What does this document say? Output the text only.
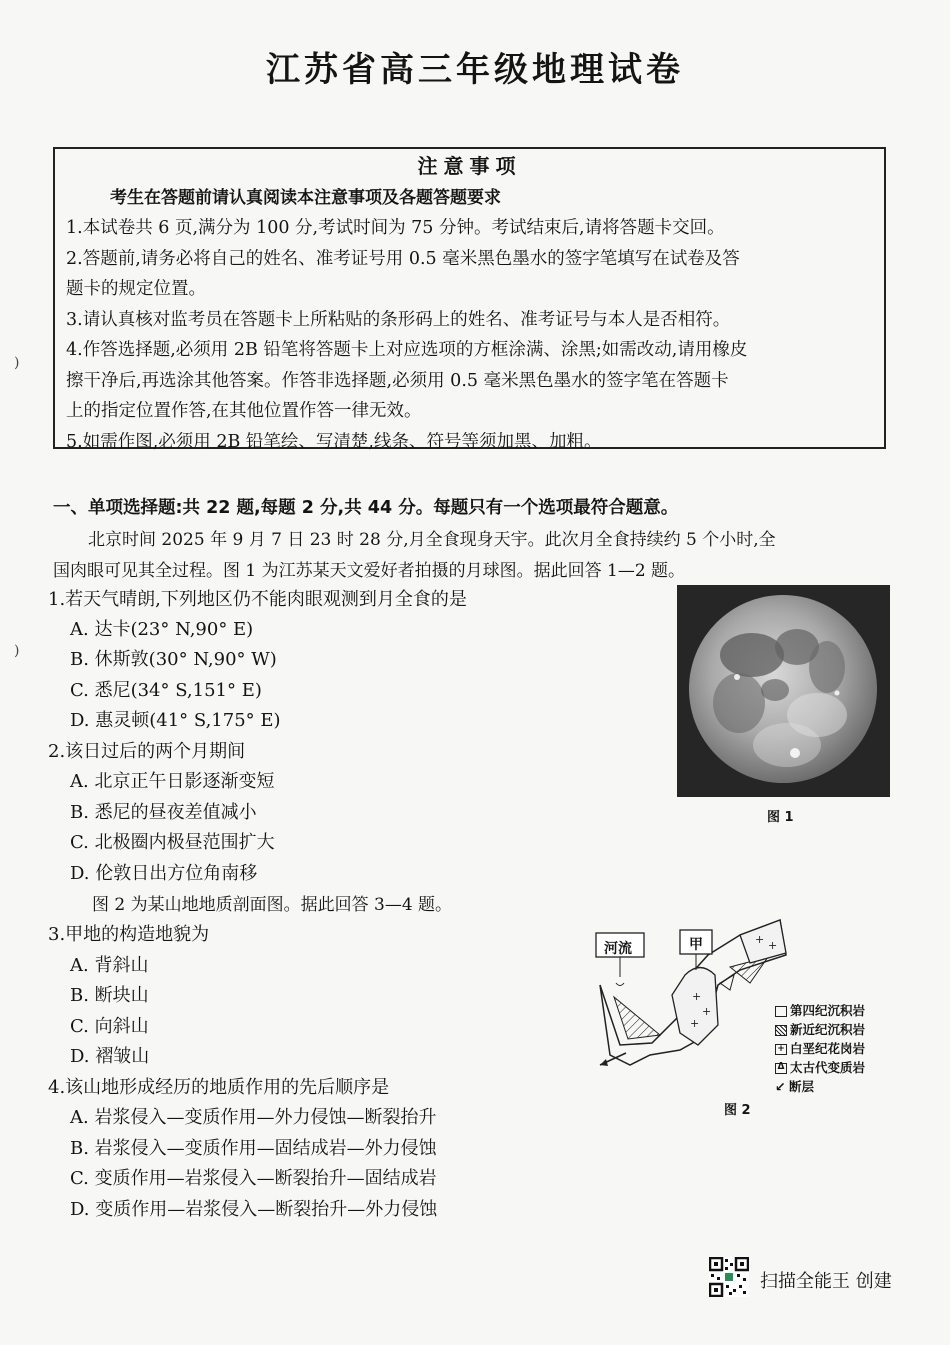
江苏省高三年级地理试卷
注意事项
考生在答题前请认真阅读本注意事项及各题答题要求
1.本试卷共 6 页,满分为 100 分,考试时间为 75 分钟。考试结束后,请将答题卡交回。
2.答题前,请务必将自己的姓名、准考证号用 0.5 毫米黑色墨水的签字笔填写在试卷及答
题卡的规定位置。
3.请认真核对监考员在答题卡上所粘贴的条形码上的姓名、准考证号与本人是否相符。
4.作答选择题,必须用 2B 铅笔将答题卡上对应选项的方框涂满、涂黑;如需改动,请用橡皮
擦干净后,再选涂其他答案。作答非选择题,必须用 0.5 毫米黑色墨水的签字笔在答题卡
上的指定位置作答,在其他位置作答一律无效。
5.如需作图,必须用 2B 铅笔绘、写清楚,线条、符号等须加黑、加粗。
)
)
一、单项选择题:共 22 题,每题 2 分,共 44 分。每题只有一个选项最符合题意。
北京时间 2025 年 9 月 7 日 23 时 28 分,月全食现身天宇。此次月全食持续约 5 个小时,全
国肉眼可见其全过程。图 1 为江苏某天文爱好者拍摄的月球图。据此回答 1—2 题。
1.若天气晴朗,下列地区仍不能肉眼观测到月全食的是
A. 达卡(23° N,90° E)
B. 休斯敦(30° N,90° W)
C. 悉尼(34° S,151° E)
D. 惠灵顿(41° S,175° E)
2.该日过后的两个月期间
A. 北京正午日影逐渐变短
B. 悉尼的昼夜差值减小
C. 北极圈内极昼范围扩大
D. 伦敦日出方位角南移
图 2 为某山地地质剖面图。据此回答 3—4 题。
3.甲地的构造地貌为
A. 背斜山
B. 断块山
C. 向斜山
D. 褶皱山
4.该山地形成经历的地质作用的先后顺序是
A. 岩浆侵入—变质作用—外力侵蚀—断裂抬升
B. 岩浆侵入—变质作用—固结成岩—外力侵蚀
C. 变质作用—岩浆侵入—断裂抬升—固结成岩
D. 变质作用—岩浆侵入—断裂抬升—外力侵蚀
图 1
+
+
+
+ +
河流	甲
第四纪沉积岩
新近纪沉积岩
+ 白垩纪花岗岩
ᐃ 太古代变质岩
↙ 断层
图 2
扫描全能王 创建
